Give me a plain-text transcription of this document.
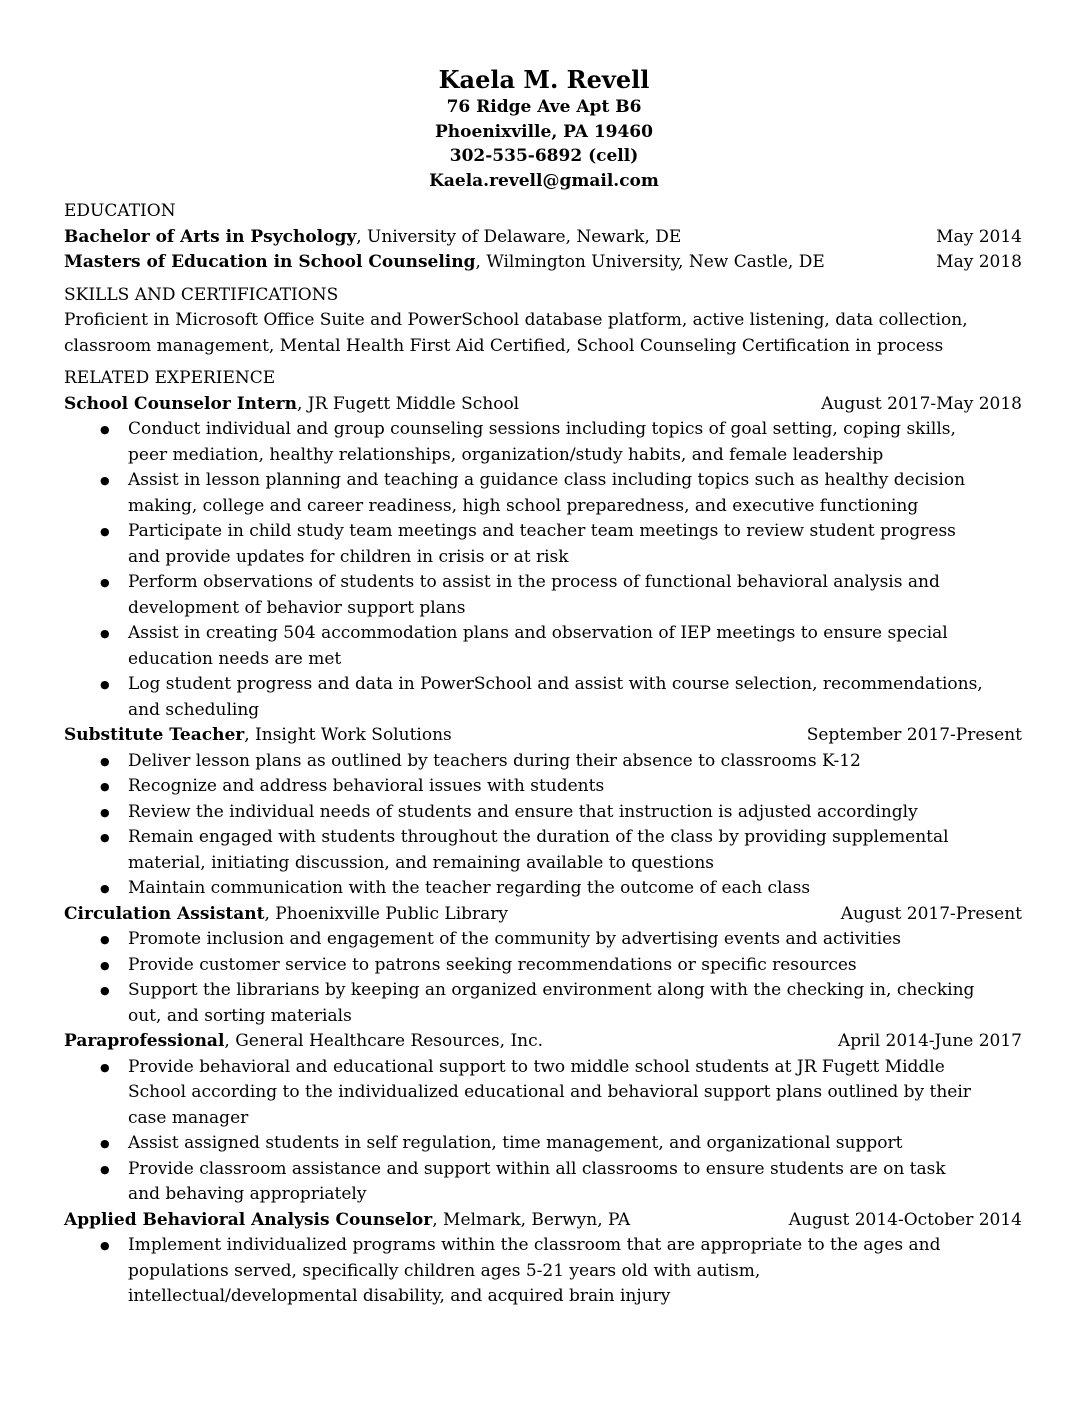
Kaela M. Revell
76 Ridge Ave Apt B6
Phoenixville, PA 19460
302-535-6892 (cell)
Kaela.revell@gmail.com
EDUCATION
Bachelor of Arts in Psychology, University of Delaware, Newark, DE	May 2014
Masters of Education in School Counseling, Wilmington University, New Castle, DE	May 2018
SKILLS AND CERTIFICATIONS
Proficient in Microsoft Office Suite and PowerSchool database platform, active listening, data collection,
classroom management, Mental Health First Aid Certified, School Counseling Certification in process
RELATED EXPERIENCE
School Counselor Intern, JR Fugett Middle School	August 2017-May 2018
● Conduct individual and group counseling sessions including topics of goal setting, coping skills,
peer mediation, healthy relationships, organization/study habits, and female leadership
● Assist in lesson planning and teaching a guidance class including topics such as healthy decision
making, college and career readiness, high school preparedness, and executive functioning
● Participate in child study team meetings and teacher team meetings to review student progress
and provide updates for children in crisis or at risk
● Perform observations of students to assist in the process of functional behavioral analysis and
development of behavior support plans
● Assist in creating 504 accommodation plans and observation of IEP meetings to ensure special
education needs are met
● Log student progress and data in PowerSchool and assist with course selection, recommendations,
and scheduling
Substitute Teacher, Insight Work Solutions	September 2017-Present
● Deliver lesson plans as outlined by teachers during their absence to classrooms K-12
● Recognize and address behavioral issues with students
● Review the individual needs of students and ensure that instruction is adjusted accordingly
● Remain engaged with students throughout the duration of the class by providing supplemental
material, initiating discussion, and remaining available to questions
● Maintain communication with the teacher regarding the outcome of each class
Circulation Assistant, Phoenixville Public Library	August 2017-Present
● Promote inclusion and engagement of the community by advertising events and activities
● Provide customer service to patrons seeking recommendations or specific resources
● Support the librarians by keeping an organized environment along with the checking in, checking
out, and sorting materials
Paraprofessional, General Healthcare Resources, Inc.	April 2014-June 2017
● Provide behavioral and educational support to two middle school students at JR Fugett Middle
School according to the individualized educational and behavioral support plans outlined by their
case manager
● Assist assigned students in self regulation, time management, and organizational support
● Provide classroom assistance and support within all classrooms to ensure students are on task
and behaving appropriately
Applied Behavioral Analysis Counselor, Melmark, Berwyn, PA	August 2014-October 2014
● Implement individualized programs within the classroom that are appropriate to the ages and
populations served, specifically children ages 5-21 years old with autism,
intellectual/developmental disability, and acquired brain injury
